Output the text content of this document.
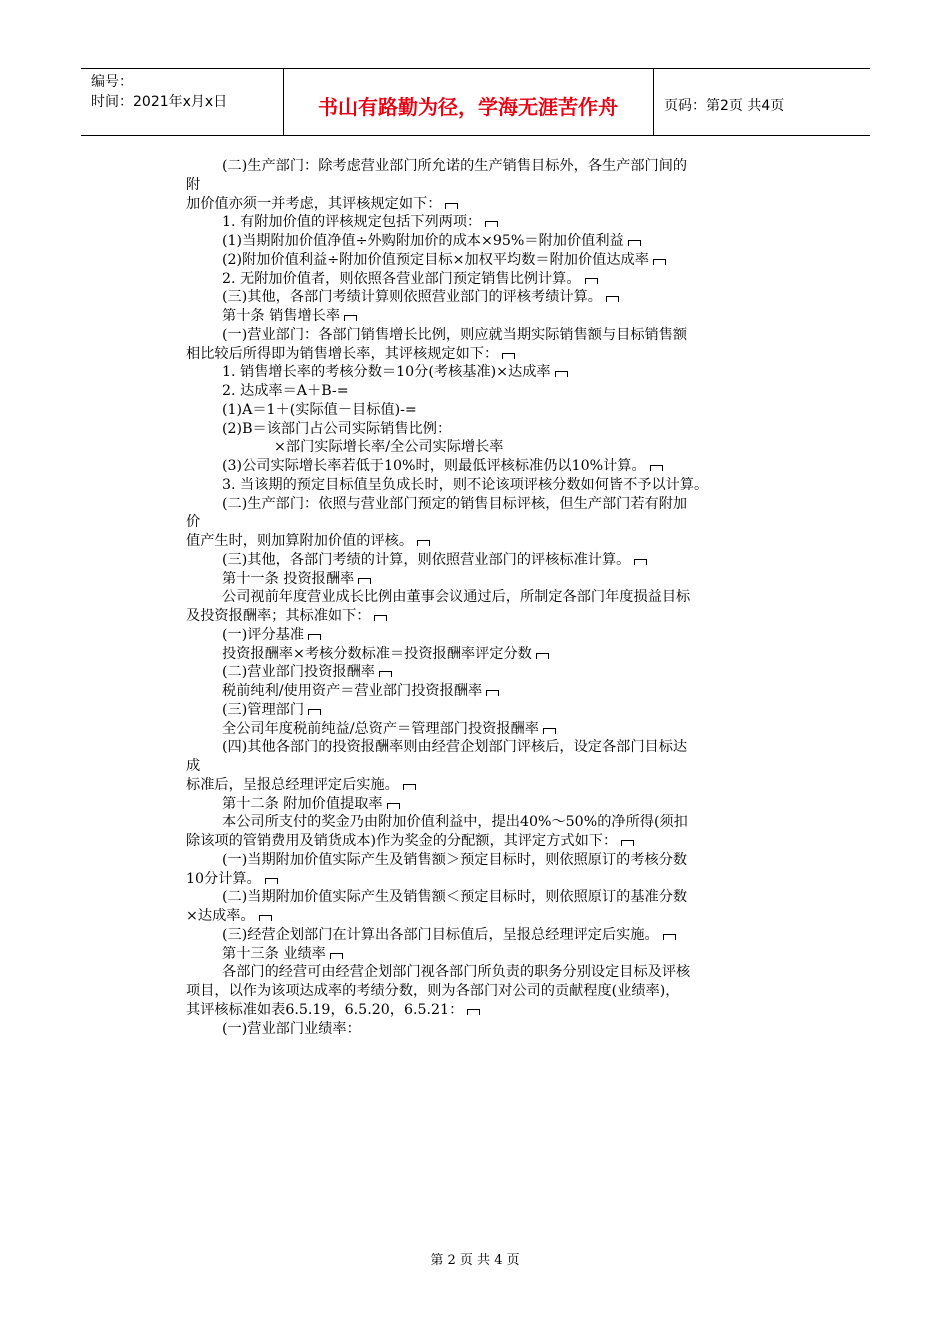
编号：
时间：2021年x月x日	书山有路勤为径，学海无涯苦作舟	页码：第2页 共4页
(二)生产部门：除考虑营业部门所允诺的生产销售目标外，各生产部门间的
附
加价值亦须一并考虑，其评核规定如下：
1. 有附加价值的评核规定包括下列两项：
(1)当期附加价值净值÷外购附加价的成本×95%＝附加价值利益
(2)附加价值利益÷附加价值预定目标×加权平均数＝附加价值达成率
2. 无附加价值者，则依照各营业部门预定销售比例计算。
(三)其他，各部门考绩计算则依照营业部门的评核考绩计算。
第十条 销售增长率
(一)营业部门：各部门销售增长比例，则应就当期实际销售额与目标销售额
相比较后所得即为销售增长率，其评核规定如下：
1. 销售增长率的考核分数＝10分(考核基准)×达成率
2. 达成率＝A＋B-=
(1)A＝1＋(实际值－目标值)-=
(2)B＝该部门占公司实际销售比例：
×部门实际增长率/全公司实际增长率
(3)公司实际增长率若低于10%时，则最低评核标准仍以10%计算。
3. 当该期的预定目标值呈负成长时，则不论该项评核分数如何皆不予以计算。
(二)生产部门：依照与营业部门预定的销售目标评核，但生产部门若有附加
价
值产生时，则加算附加价值的评核。
(三)其他，各部门考绩的计算，则依照营业部门的评核标准计算。
第十一条 投资报酬率
公司视前年度营业成长比例由董事会议通过后，所制定各部门年度损益目标
及投资报酬率；其标准如下：
(一)评分基准
投资报酬率×考核分数标准＝投资报酬率评定分数
(二)营业部门投资报酬率
税前纯利/使用资产＝营业部门投资报酬率
(三)管理部门
全公司年度税前纯益/总资产＝管理部门投资报酬率
(四)其他各部门的投资报酬率则由经营企划部门评核后，设定各部门目标达
成
标准后，呈报总经理评定后实施。
第十二条 附加价值提取率
本公司所支付的奖金乃由附加价值利益中，提出40%～50%的净所得(须扣
除该项的管销费用及销货成本)作为奖金的分配额，其评定方式如下：
(一)当期附加价值实际产生及销售额＞预定目标时，则依照原订的考核分数
10分计算。
(二)当期附加价值实际产生及销售额＜预定目标时，则依照原订的基准分数
×达成率。
(三)经营企划部门在计算出各部门目标值后，呈报总经理评定后实施。
第十三条 业绩率
各部门的经营可由经营企划部门视各部门所负责的职务分别设定目标及评核
项目，以作为该项达成率的考绩分数，则为各部门对公司的贡献程度(业绩率)，
其评核标准如表6.5.19，6.5.20，6.5.21：
(一)营业部门业绩率：
第 2 页 共 4 页
